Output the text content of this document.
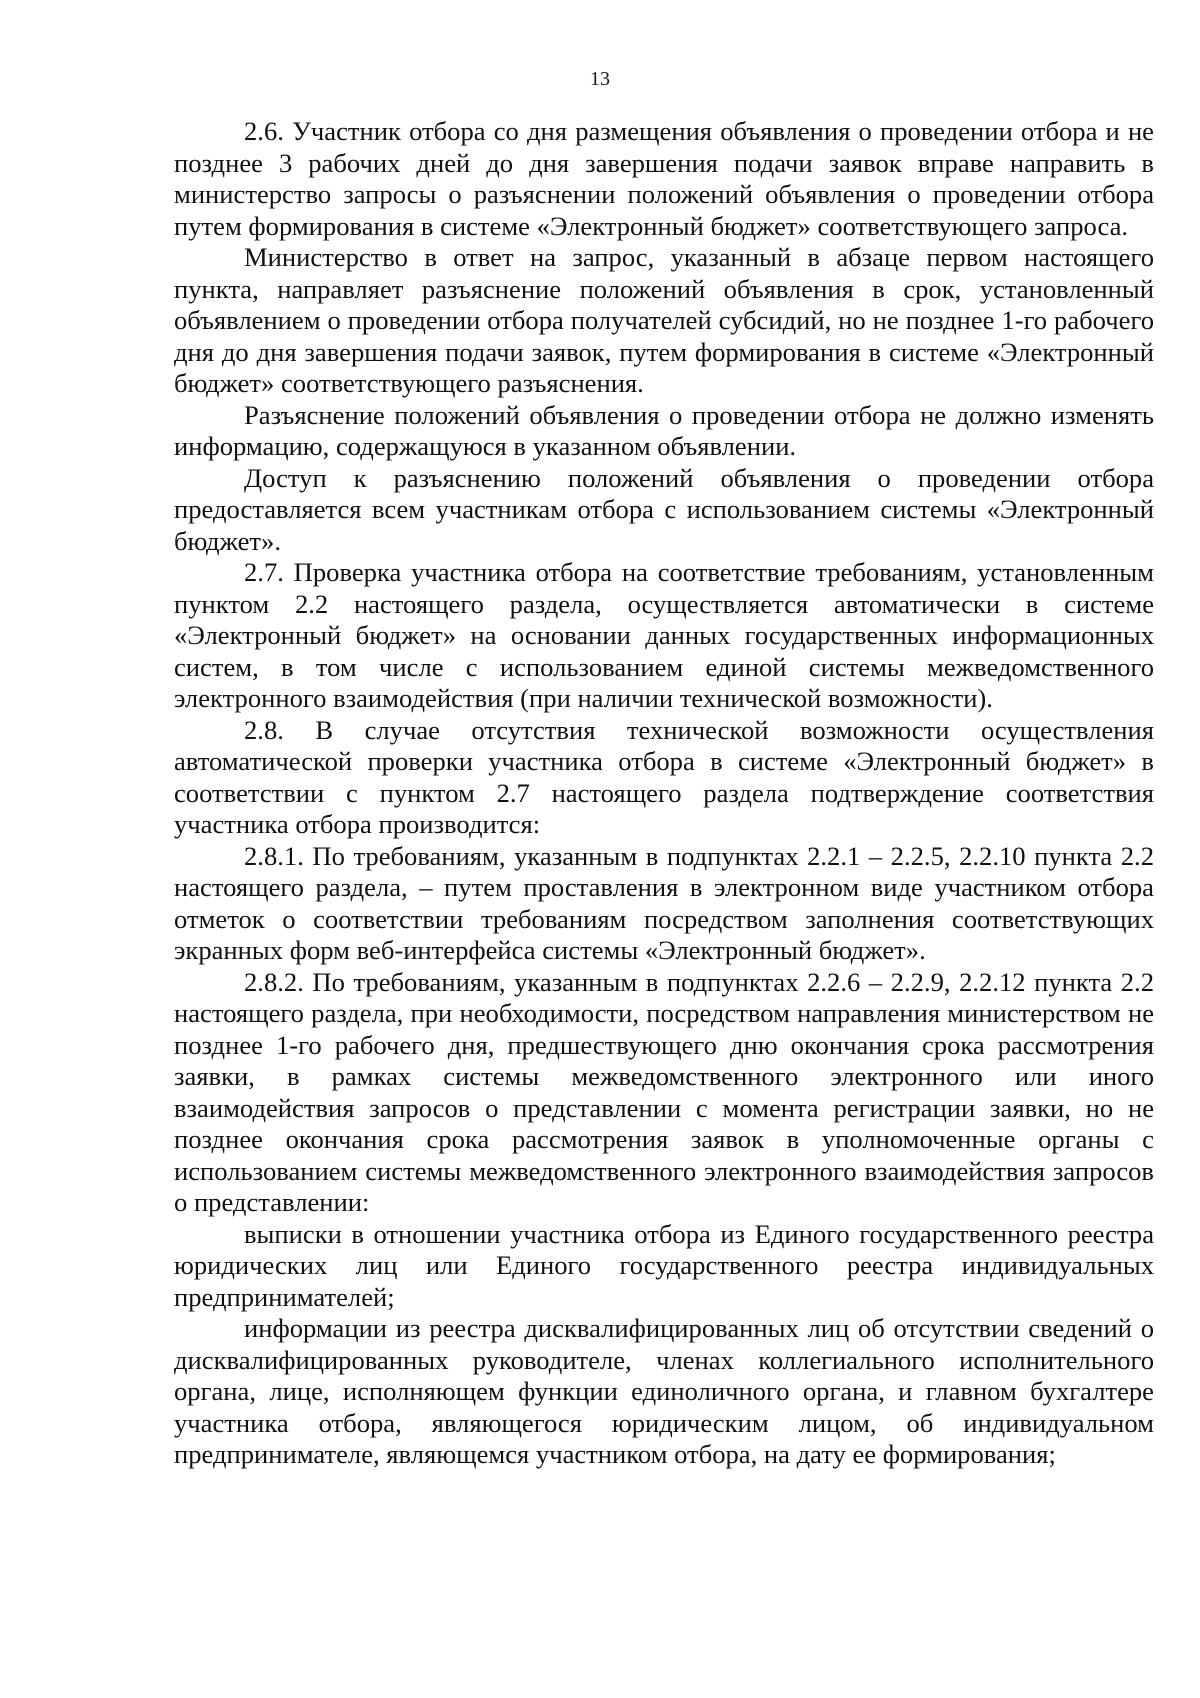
13

2.6. Участник отбора со дня размещения объявления о проведении отбора и не позднее 3 рабочих дней до дня завершения подачи заявок вправе направить в министерство запросы о разъяснении положений объявления о проведении отбора путем формирования в системе «Электронный бюджет» соответствующего запроса.

Министерство в ответ на запрос, указанный в абзаце первом настоящего пункта, направляет разъяснение положений объявления в срок, установленный объявлением о проведении отбора получателей субсидий, но не позднее 1-го рабочего дня до дня завершения подачи заявок, путем формирования в системе «Электронный бюджет» соответствующего разъяснения.

Разъяснение положений объявления о проведении отбора не должно изменять информацию, содержащуюся в указанном объявлении.

Доступ к разъяснению положений объявления о проведении отбора предоставляется всем участникам отбора с использованием системы «Электронный бюджет».

2.7. Проверка участника отбора на соответствие требованиям, установленным пунктом 2.2 настоящего раздела, осуществляется автоматически в системе «Электронный бюджет» на основании данных государственных информационных систем, в том числе с использованием единой системы межведомственного электронного взаимодействия (при наличии технической возможности).

2.8. В случае отсутствия технической возможности осуществления автоматической проверки участника отбора в системе «Электронный бюджет» в соответствии с пунктом 2.7 настоящего раздела подтверждение соответствия участника отбора производится:

2.8.1. По требованиям, указанным в подпунктах 2.2.1 – 2.2.5, 2.2.10 пункта 2.2 настоящего раздела, – путем проставления в электронном виде участником отбора отметок о соответствии требованиям посредством заполнения соответствующих экранных форм веб-интерфейса системы «Электронный бюджет».

2.8.2. По требованиям, указанным в подпунктах 2.2.6 – 2.2.9, 2.2.12 пункта 2.2 настоящего раздела, при необходимости, посредством направления министерством не позднее 1-го рабочего дня, предшествующего дню окончания срока рассмотрения заявки, в рамках системы межведомственного электронного или иного взаимодействия запросов о представлении с момента регистрации заявки, но не позднее окончания срока рассмотрения заявок в уполномоченные органы с использованием системы межведомственного электронного взаимодействия запросов о представлении:

выписки в отношении участника отбора из Единого государственного реестра юридических лиц или Единого государственного реестра индивидуальных предпринимателей;

информации из реестра дисквалифицированных лиц об отсутствии сведений о дисквалифицированных руководителе, членах коллегиального исполнительного органа, лице, исполняющем функции единоличного органа, и главном бухгалтере участника отбора, являющегося юридическим лицом, об индивидуальном предпринимателе, являющемся участником отбора, на дату ее формирования;
